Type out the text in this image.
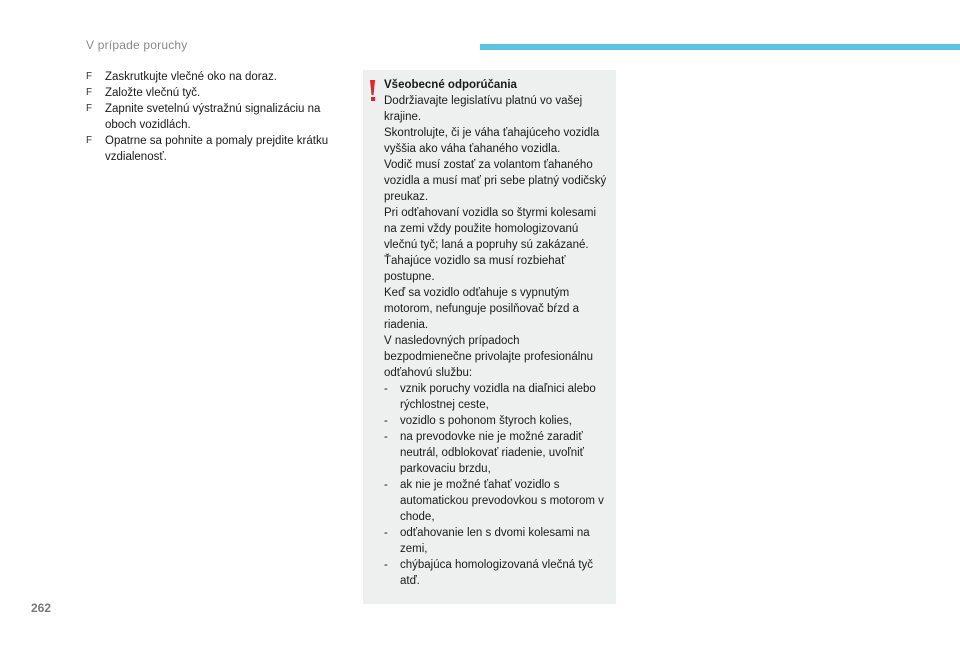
V prípade poruchy
F Zaskrutkujte vlečné oko na doraz.
F Založte vlečnú tyč.
F Zapnite svetelnú výstražnú signalizáciu na oboch vozidlách.
F Opatrne sa pohnite a pomaly prejdite krátku vzdialenosť.
Všeobecné odporúčania

Dodržiavajte legislatívu platnú vo vašej krajine.

Skontrolujte, či je váha ťahajúceho vozidla vyššia ako váha ťahaného vozidla.

Vodič musí zostať za volantom ťahaného vozidla a musí mať pri sebe platný vodičský preukaz.

Pri odťahovaní vozidla so štyrmi kolesami na zemi vždy použite homologizovanú vlečnú tyč; laná a popruhy sú zakázané.

Ťahajúce vozidlo sa musí rozbiehať postupne.

Keď sa vozidlo odťahuje s vypnutým motorom, nefunguje posilňovač bŕzd a riadenia.

V nasledovných prípadoch bezpodmienečne privolajte profesionálnu odťahovú službu:

- vznik poruchy vozidla na diaľnici alebo rýchlostnej ceste,
- vozidlo s pohonom štyroch kolies,
- na prevodovke nie je možné zaradiť neutrál, odblokovať riadenie, uvoľniť parkovaciu brzdu,
- ak nie je možné ťahať vozidlo s automatickou prevodovkou s motorom v chode,
- odťahovanie len s dvomi kolesami na zemi,
- chýbajúca homologizovaná vlečná tyč atď.
262
